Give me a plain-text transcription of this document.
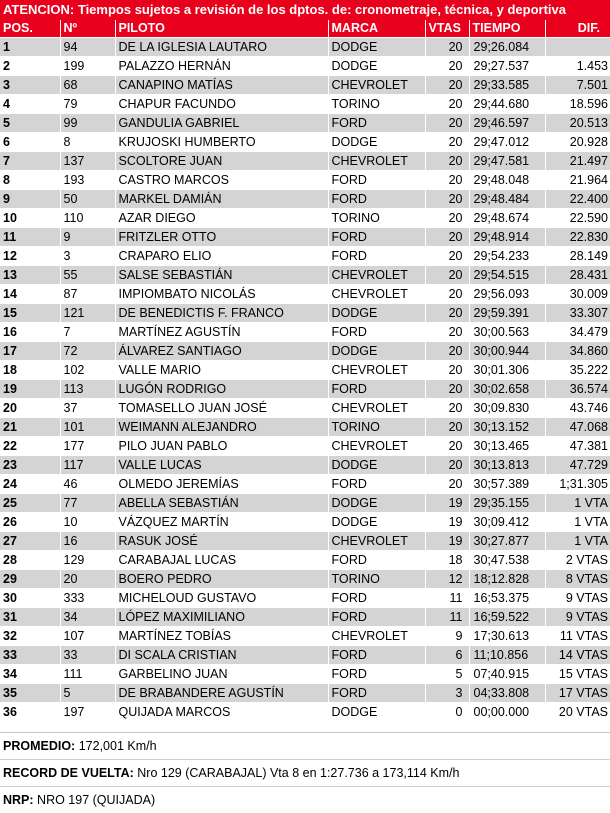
ATENCION: Tiempos sujetos a revisión de los dptos. de: cronometraje, técnica, y deportiva
POS.	Nº	PILOTO	MARCA	VTAS	TIEMPO	DIF.
1	94	DE LA IGLESIA LAUTARO	DODGE	20	29;26.084	
2	199	PALAZZO HERNÁN	DODGE	20	29;27.537	1.453
3	68	CANAPINO MATÍAS	CHEVROLET	20	29;33.585	7.501
4	79	CHAPUR FACUNDO	TORINO	20	29;44.680	18.596
5	99	GANDULIA GABRIEL	FORD	20	29;46.597	20.513
6	8	KRUJOSKI HUMBERTO	DODGE	20	29;47.012	20.928
7	137	SCOLTORE JUAN	CHEVROLET	20	29;47.581	21.497
8	193	CASTRO MARCOS	FORD	20	29;48.048	21.964
9	50	MARKEL DAMIÁN	FORD	20	29;48.484	22.400
10	110	AZAR DIEGO	TORINO	20	29;48.674	22.590
11	9	FRITZLER OTTO	FORD	20	29;48.914	22.830
12	3	CRAPARO ELIO	FORD	20	29;54.233	28.149
13	55	SALSE SEBASTIÁN	CHEVROLET	20	29;54.515	28.431
14	87	IMPIOMBATO NICOLÁS	CHEVROLET	20	29;56.093	30.009
15	121	DE BENEDICTIS F. FRANCO	DODGE	20	29;59.391	33.307
16	7	MARTÍNEZ AGUSTÍN	FORD	20	30;00.563	34.479
17	72	ÁLVAREZ SANTIAGO	DODGE	20	30;00.944	34.860
18	102	VALLE MARIO	CHEVROLET	20	30;01.306	35.222
19	113	LUGÓN RODRIGO	FORD	20	30;02.658	36.574
20	37	TOMASELLO JUAN JOSÉ	CHEVROLET	20	30;09.830	43.746
21	101	WEIMANN ALEJANDRO	TORINO	20	30;13.152	47.068
22	177	PILO JUAN PABLO	CHEVROLET	20	30;13.465	47.381
23	117	VALLE LUCAS	DODGE	20	30;13.813	47.729
24	46	OLMEDO JEREMÍAS	FORD	20	30;57.389	1;31.305
25	77	ABELLA SEBASTIÁN	DODGE	19	29;35.155	1 VTA
26	10	VÁZQUEZ MARTÍN	DODGE	19	30;09.412	1 VTA
27	16	RASUK JOSÉ	CHEVROLET	19	30;27.877	1 VTA
28	129	CARABAJAL LUCAS	FORD	18	30;47.538	2 VTAS
29	20	BOERO PEDRO	TORINO	12	18;12.828	8 VTAS
30	333	MICHELOUD GUSTAVO	FORD	11	16;53.375	9 VTAS
31	34	LÓPEZ MAXIMILIANO	FORD	11	16;59.522	9 VTAS
32	107	MARTÍNEZ TOBÍAS	CHEVROLET	9	17;30.613	11 VTAS
33	33	DI SCALA CRISTIAN	FORD	6	11;10.856	14 VTAS
34	111	GARBELINO JUAN	FORD	5	07;40.915	15 VTAS
35	5	DE BRABANDERE AGUSTÍN	FORD	3	04;33.808	17 VTAS
36	197	QUIJADA MARCOS	DODGE	0	00;00.000	20 VTAS
PROMEDIO: 172,001 Km/h
RECORD DE VUELTA: Nro 129 (CARABAJAL) Vta 8 en 1:27.736 a 173,114 Km/h
NRP: NRO 197 (QUIJADA)
